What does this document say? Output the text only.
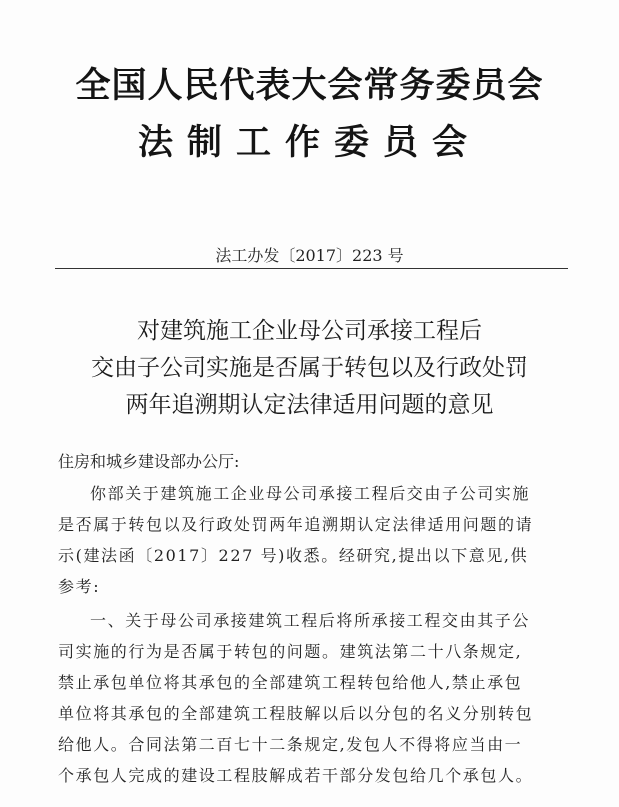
全国人民代表大会常务委员会
法制工作委员会
法工办发〔2017〕223 号
对建筑施工企业母公司承接工程后
交由子公司实施是否属于转包以及行政处罚
两年追溯期认定法律适用问题的意见
住房和城乡建设部办公厅:
你部关于建筑施工企业母公司承接工程后交由子公司实施
是否属于转包以及行政处罚两年追溯期认定法律适用问题的请
示(建法函〔2017〕227 号)收悉。经研究,提出以下意见,供
参考:
一、关于母公司承接建筑工程后将所承接工程交由其子公
司实施的行为是否属于转包的问题。建筑法第二十八条规定,
禁止承包单位将其承包的全部建筑工程转包给他人,禁止承包
单位将其承包的全部建筑工程肢解以后以分包的名义分别转包
给他人。合同法第二百七十二条规定,发包人不得将应当由一
个承包人完成的建设工程肢解成若干部分发包给几个承包人。
